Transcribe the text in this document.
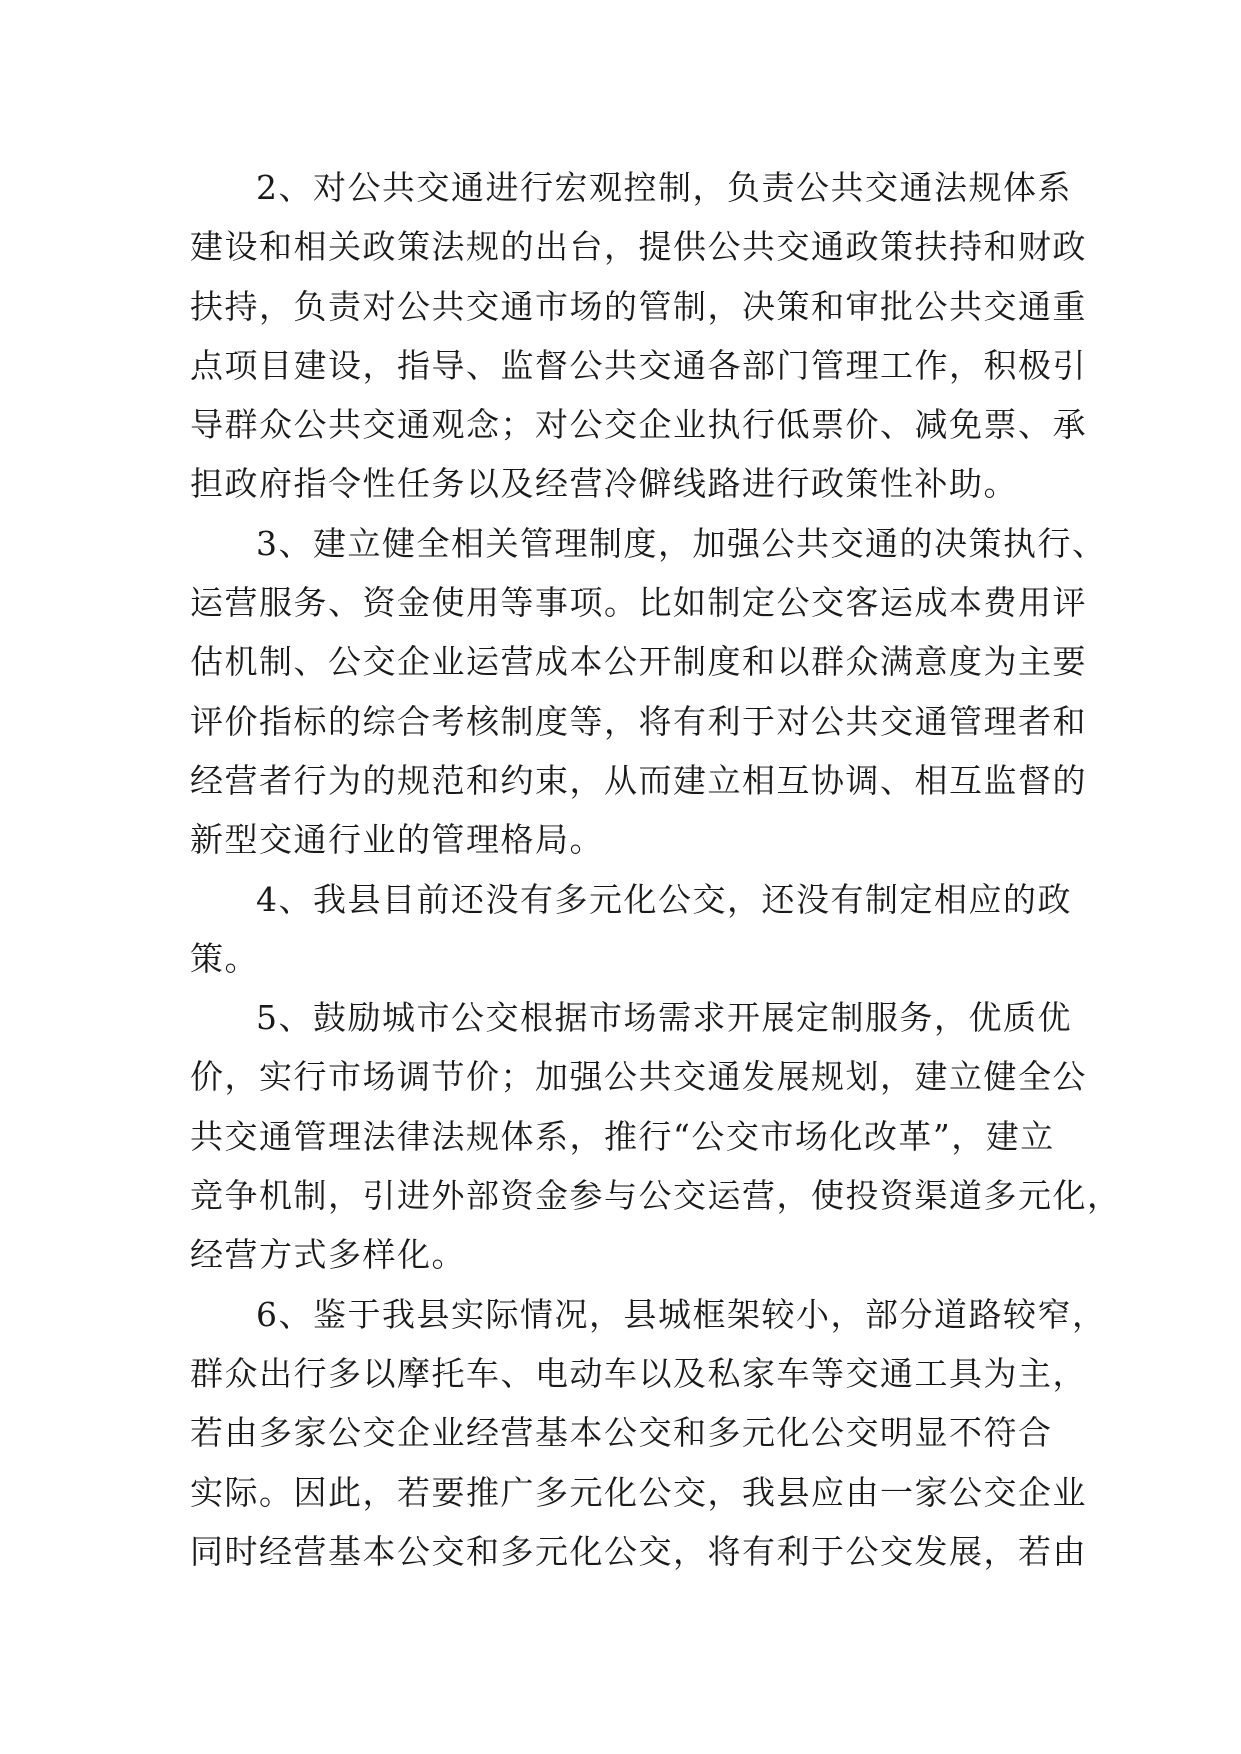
2、对公共交通进行宏观控制，负责公共交通法规体系
建设和相关政策法规的出台，提供公共交通政策扶持和财政
扶持，负责对公共交通市场的管制，决策和审批公共交通重
点项目建设，指导、监督公共交通各部门管理工作，积极引
导群众公共交通观念；对公交企业执行低票价、减免票、承
担政府指令性任务以及经营冷僻线路进行政策性补助。
3、建立健全相关管理制度，加强公共交通的决策执行、
运营服务、资金使用等事项。比如制定公交客运成本费用评
估机制、公交企业运营成本公开制度和以群众满意度为主要
评价指标的综合考核制度等，将有利于对公共交通管理者和
经营者行为的规范和约束，从而建立相互协调、相互监督的
新型交通行业的管理格局。
4、我县目前还没有多元化公交，还没有制定相应的政
策。
5、鼓励城市公交根据市场需求开展定制服务，优质优
价，实行市场调节价；加强公共交通发展规划，建立健全公
共交通管理法律法规体系，推行“公交市场化改革”，建立
竞争机制，引进外部资金参与公交运营，使投资渠道多元化，
经营方式多样化。
6、鉴于我县实际情况，县城框架较小，部分道路较窄，
群众出行多以摩托车、电动车以及私家车等交通工具为主，
若由多家公交企业经营基本公交和多元化公交明显不符合
实际。因此，若要推广多元化公交，我县应由一家公交企业
同时经营基本公交和多元化公交，将有利于公交发展，若由
